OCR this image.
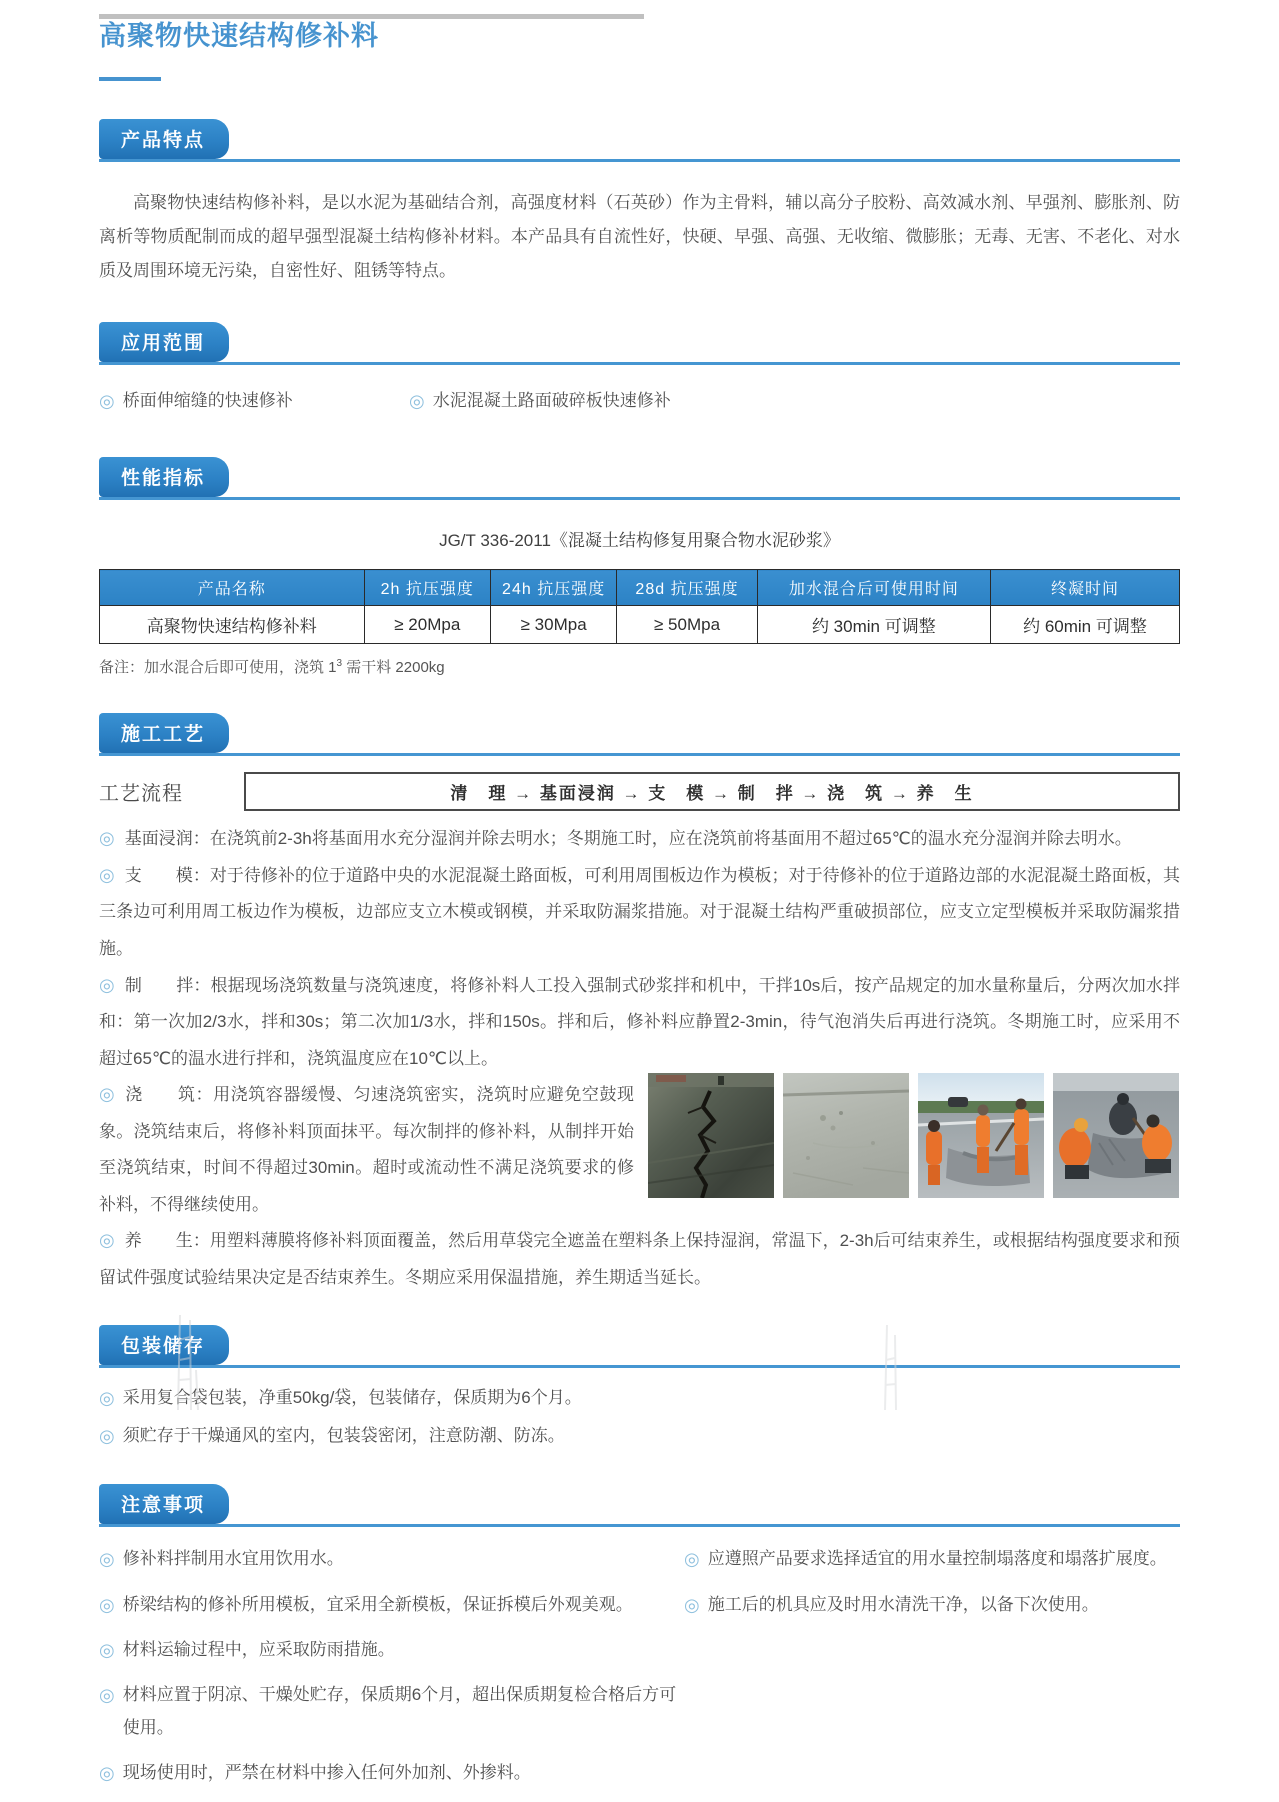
高聚物快速结构修补料
产品特点

高聚物快速结构修补料，是以水泥为基础结合剂，高强度材料（石英砂）作为主骨料，辅以高分子胶粉、高效减水剂、早强剂、膨胀剂、防离析等物质配制而成的超早强型混凝土结构修补材料。本产品具有自流性好，快硬、早强、高强、无收缩、微膨胀；无毒、无害、不老化、对水质及周围环境无污染，自密性好、阻锈等特点。

应用范围
◎ 桥面伸缩缝的快速修补	◎ 水泥混凝土路面破碎板快速修补
性能指标
JG/T 336-2011《混凝土结构修复用聚合物水泥砂浆》
产品名称	2h 抗压强度	24h 抗压强度	28d 抗压强度	加水混合后可使用时间	终凝时间
高聚物快速结构修补料	≥ 20Mpa	≥ 30Mpa	≥ 50Mpa	约 30min 可调整	约 60min 可调整
备注：加水混合后即可使用，浇筑 $1^3$ 需干料 2200kg
施工工艺
工艺流程	清　理 → 基面浸润 → 支　模 → 制　拌 → 浇　筑 → 养　生

◎ 基面浸润：在浇筑前2-3h将基面用水充分湿润并除去明水；冬期施工时，应在浇筑前将基面用不超过65℃的温水充分湿润并除去明水。

◎ 支　　模：对于待修补的位于道路中央的水泥混凝土路面板，可利用周围板边作为模板；对于待修补的位于道路边部的水泥混凝土路面板，其三条边可利用周工板边作为模板，边部应支立木模或钢模，并采取防漏浆措施。对于混凝土结构严重破损部位，应支立定型模板并采取防漏浆措施。

◎ 制　　拌：根据现场浇筑数量与浇筑速度，将修补料人工投入强制式砂浆拌和机中，干拌10s后，按产品规定的加水量称量后，分两次加水拌和：第一次加2/3水，拌和30s；第二次加1/3水，拌和150s。拌和后，修补料应静置2-3min，待气泡消失后再进行浇筑。冬期施工时，应采用不超过65℃的温水进行拌和，浇筑温度应在10℃以上。

◎ 浇　　筑：用浇筑容器缓慢、匀速浇筑密实，浇筑时应避免空鼓现象。浇筑结束后，将修补料顶面抹平。每次制拌的修补料，从制拌开始至浇筑结束，时间不得超过30min。超时或流动性不满足浇筑要求的修补料，不得继续使用。

◎ 养　　生：用塑料薄膜将修补料顶面覆盖，然后用草袋完全遮盖在塑料条上保持湿润，常温下，2-3h后可结束养生，或根据结构强度要求和预留试件强度试验结果决定是否结束养生。冬期应采用保温措施，养生期适当延长。

包装储存
◎ 采用复合袋包装，净重50kg/袋，包装储存，保质期为6个月。
◎ 须贮存于干燥通风的室内，包装袋密闭，注意防潮、防冻。
注意事项
◎ 修补料拌制用水宜用饮用水。
◎ 桥梁结构的修补所用模板，宜采用全新模板，保证拆模后外观美观。
◎ 材料运输过程中，应采取防雨措施。
◎ 材料应置于阴凉、干燥处贮存，保质期6个月，超出保质期复检合格后方可使用。
◎ 现场使用时，严禁在材料中掺入任何外加剂、外掺料。
◎ 应遵照产品要求选择适宜的用水量控制塌落度和塌落扩展度。
◎ 施工后的机具应及时用水清洗干净，以备下次使用。
